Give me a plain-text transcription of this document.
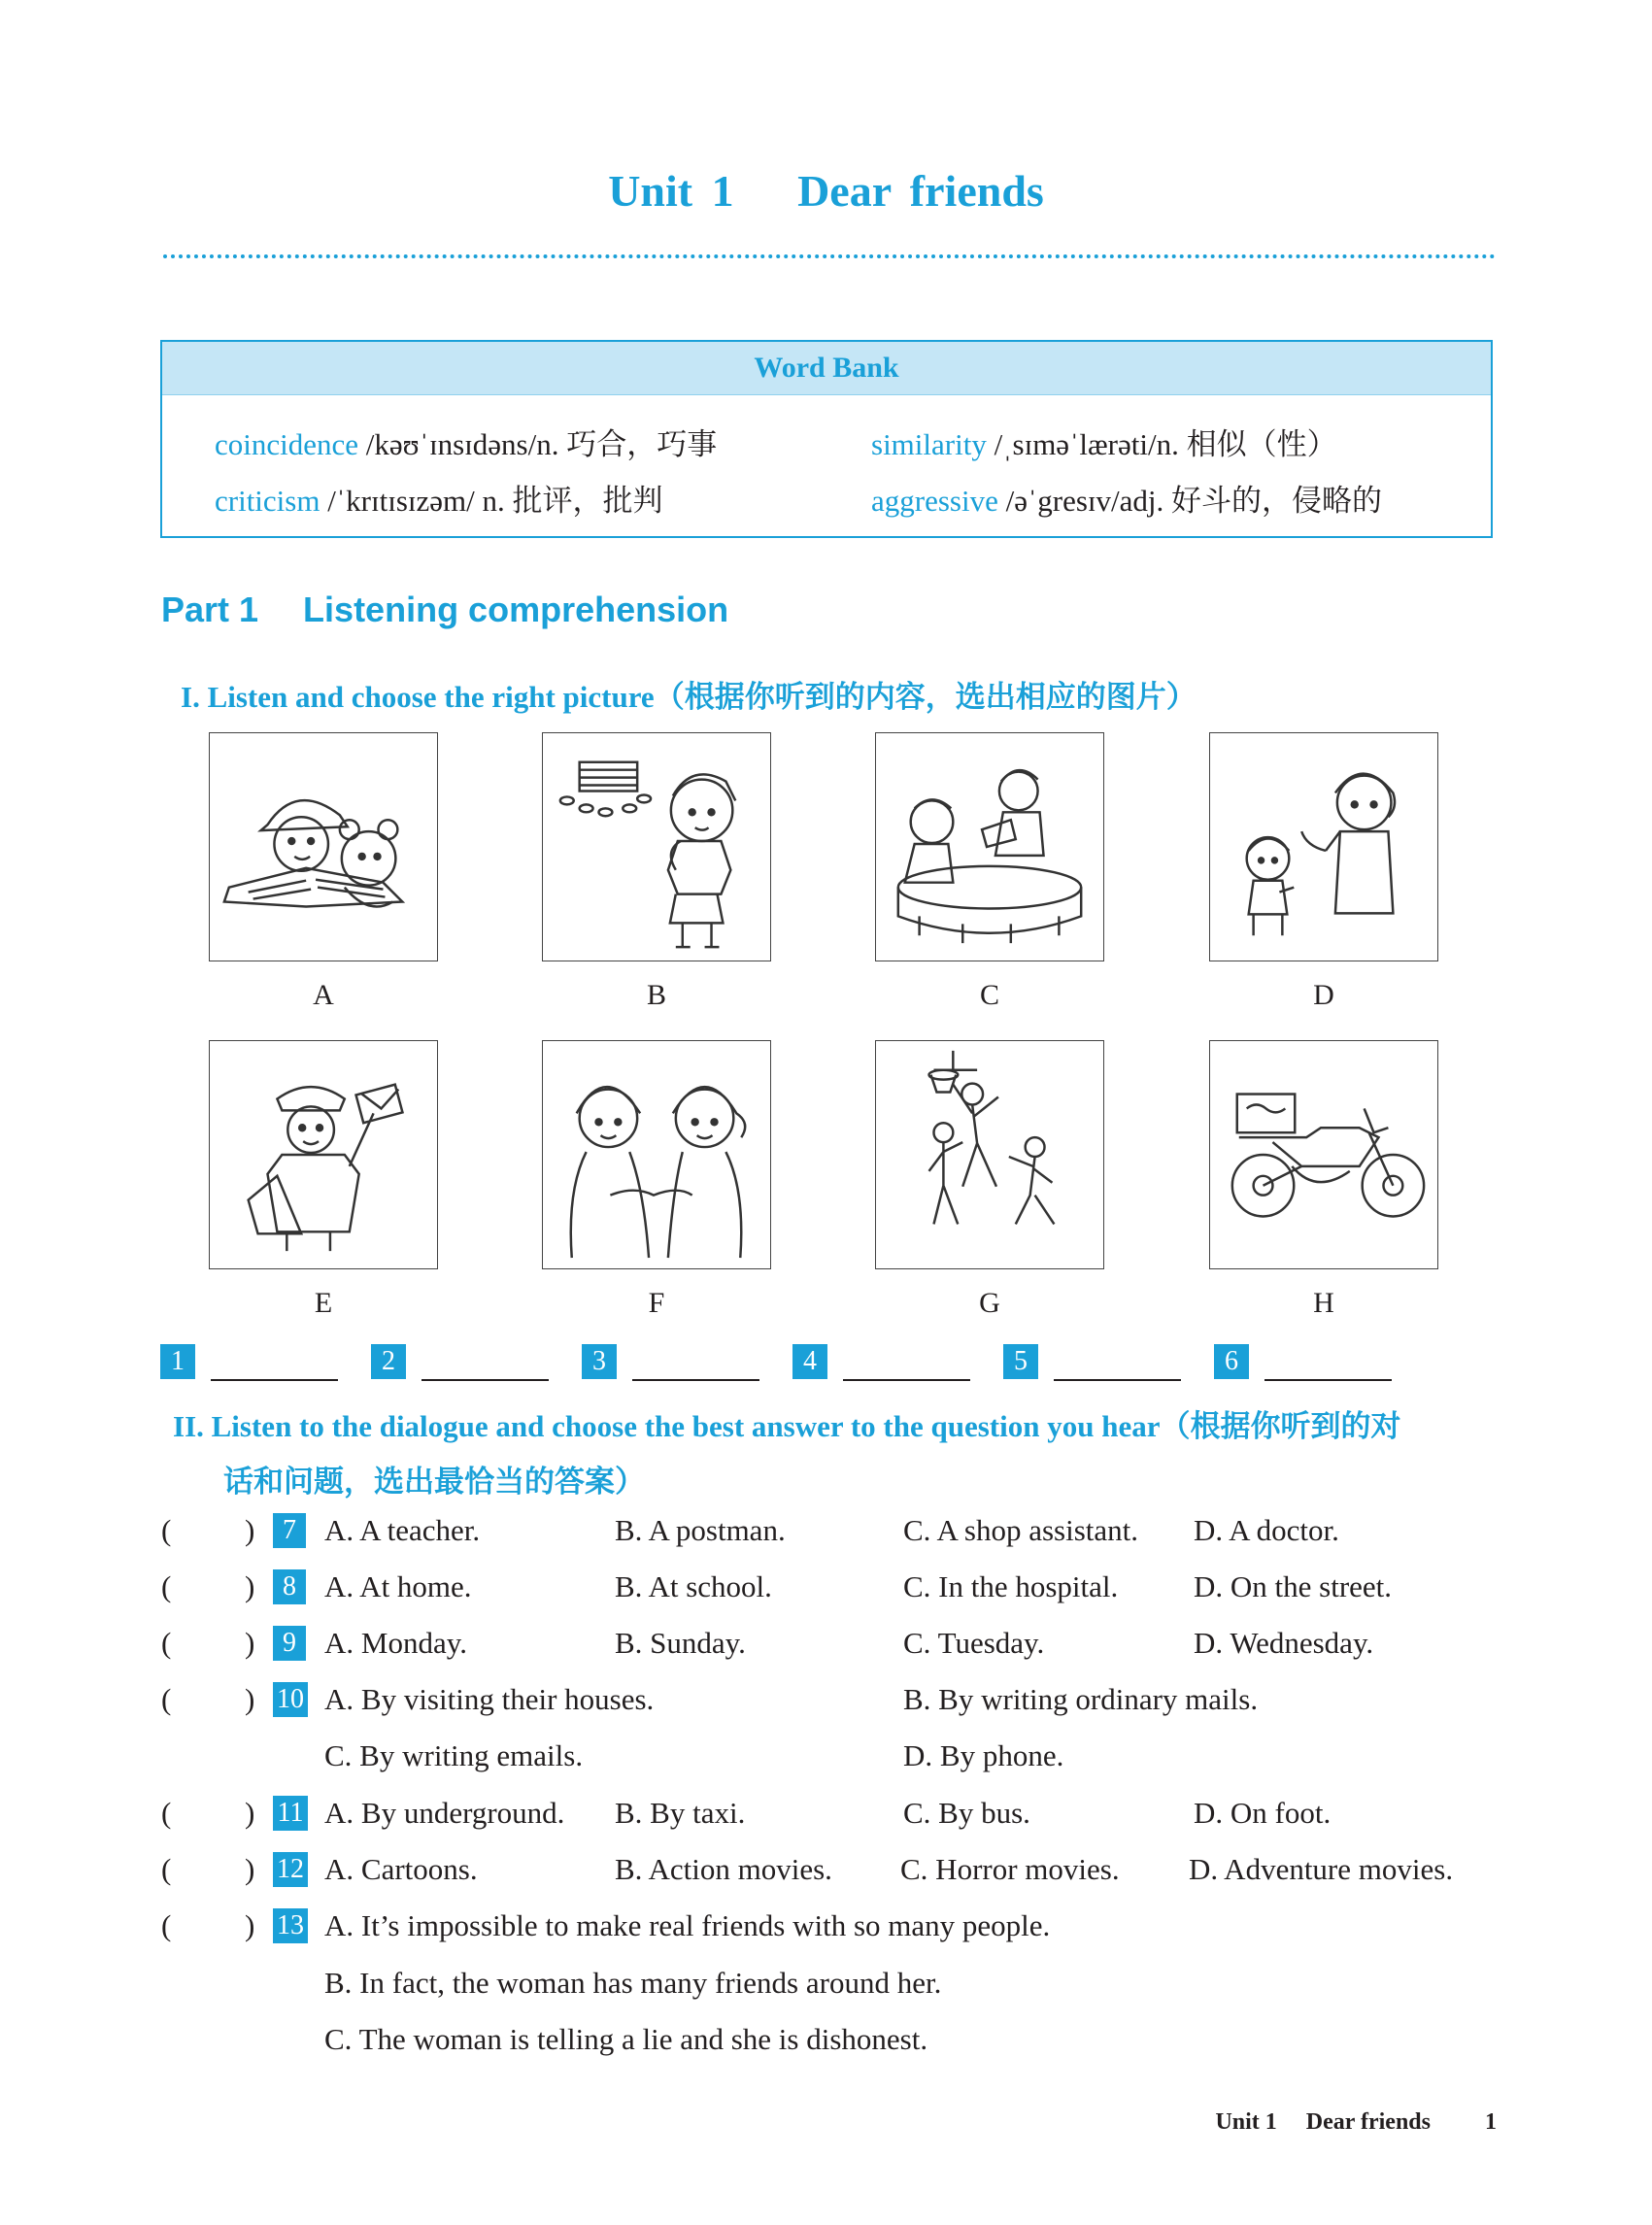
Unit 1　 Dear friends
Word Bank
coincidence /kəʊˈɪnsɪdəns/n. 巧合，巧事	similarity /ˌsɪməˈlærəti/n. 相似（性）
criticism /ˈkrɪtɪsɪzəm/ n. 批评，批判	aggressive /əˈgresɪv/adj. 好斗的，侵略的
Part 1　 Listening comprehension
I. Listen and choose the right picture（根据你听到的内容，选出相应的图片）
A	B	C	D
E	F	G	H
1	2	3	4	5	6
II. Listen to the dialogue and choose the best answer to the question you hear（根据你听到的对
话和问题，选出最恰当的答案）
( )	7 A. A teacher.	B. A postman.	C. A shop assistant. D. A doctor.
( )	8 A. At home.	B. At school.	C. In the hospital.	D. On the street.
( )	9 A. Monday.	B. Sunday.	C. Tuesday.	D. Wednesday.
( ) 10 A. By visiting their houses.	B. By writing ordinary mails.
C. By writing emails.	D. By phone.
( ) 11 A. By underground. B. By taxi.	C. By bus.	D. On foot.
( ) 12 A. Cartoons.	B. Action movies. C. Horror movies. D. Adventure movies.
( ) 13 A. It’s impossible to make real friends with so many people.
B. In fact, the woman has many friends around her.
C. The woman is telling a lie and she is dishonest.
Unit 1　 Dear friends 1
